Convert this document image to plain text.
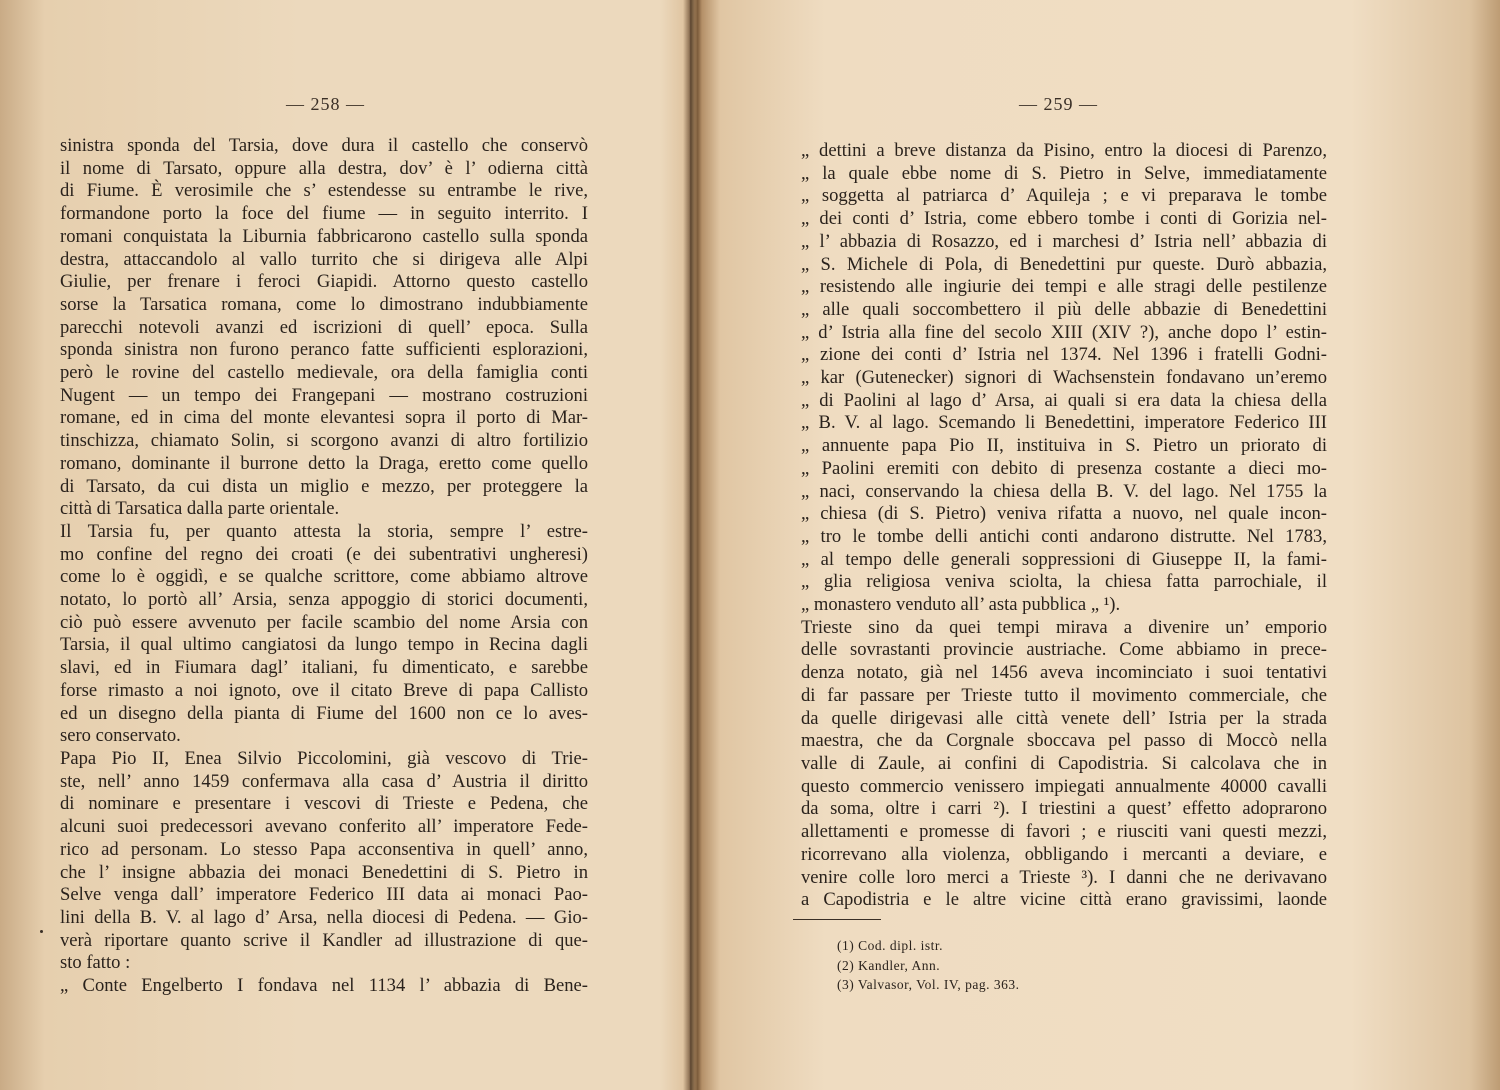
— 258 —
sinistra sponda del Tarsia, dove dura il castello che conservò
il nome di Tarsato, oppure alla destra, dov’ è l’ odierna città
di Fiume. È verosimile che s’ estendesse su entrambe le rive,
formandone porto la foce del fiume — in seguito interrito. I
romani conquistata la Liburnia fabbricarono castello sulla sponda
destra, attaccandolo al vallo turrito che si dirigeva alle Alpi
Giulie, per frenare i feroci Giapidi. Attorno questo castello
sorse la Tarsatica romana, come lo dimostrano indubbiamente
parecchi notevoli avanzi ed iscrizioni di quell’ epoca. Sulla
sponda sinistra non furono peranco fatte sufficienti esplorazioni,
però le rovine del castello medievale, ora della famiglia conti
Nugent — un tempo dei Frangepani — mostrano costruzioni
romane, ed in cima del monte elevantesi sopra il porto di Mar-
tinschizza, chiamato Solin, si scorgono avanzi di altro fortilizio
romano, dominante il burrone detto la Draga, eretto come quello
di Tarsato, da cui dista un miglio e mezzo, per proteggere la
città di Tarsatica dalla parte orientale.
Il Tarsia fu, per quanto attesta la storia, sempre l’ estre-
mo confine del regno dei croati (e dei subentrativi ungheresi)
come lo è oggidì, e se qualche scrittore, come abbiamo altrove
notato, lo portò all’ Arsia, senza appoggio di storici documenti,
ciò può essere avvenuto per facile scambio del nome Arsia con
Tarsia, il qual ultimo cangiatosi da lungo tempo in Recina dagli
slavi, ed in Fiumara dagl’ italiani, fu dimenticato, e sarebbe
forse rimasto a noi ignoto, ove il citato Breve di papa Callisto
ed un disegno della pianta di Fiume del 1600 non ce lo aves-
sero conservato.
Papa Pio II, Enea Silvio Piccolomini, già vescovo di Trie-
ste, nell’ anno 1459 confermava alla casa d’ Austria il diritto
di nominare e presentare i vescovi di Trieste e Pedena, che
alcuni suoi predecessori avevano conferito all’ imperatore Fede-
rico ad personam. Lo stesso Papa acconsentiva in quell’ anno,
che l’ insigne abbazia dei monaci Benedettini di S. Pietro in
Selve venga dall’ imperatore Federico III data ai monaci Pao-
lini della B. V. al lago d’ Arsa, nella diocesi di Pedena. — Gio-
verà riportare quanto scrive il Kandler ad illustrazione di que-
sto fatto :
„ Conte Engelberto I fondava nel 1134 l’ abbazia di Bene-
— 259 —
„ dettini a breve distanza da Pisino, entro la diocesi di Parenzo,
„ la quale ebbe nome di S. Pietro in Selve, immediatamente
„ soggetta al patriarca d’ Aquileja ; e vi preparava le tombe
„ dei conti d’ Istria, come ebbero tombe i conti di Gorizia nel-
„ l’ abbazia di Rosazzo, ed i marchesi d’ Istria nell’ abbazia di
„ S. Michele di Pola, di Benedettini pur queste. Durò abbazia,
„ resistendo alle ingiurie dei tempi e alle stragi delle pestilenze
„ alle quali soccombettero il più delle abbazie di Benedettini
„ d’ Istria alla fine del secolo XIII (XIV ?), anche dopo l’ estin-
„ zione dei conti d’ Istria nel 1374. Nel 1396 i fratelli Godni-
„ kar (Gutenecker) signori di Wachsenstein fondavano un’eremo
„ di Paolini al lago d’ Arsa, ai quali si era data la chiesa della
„ B. V. al lago. Scemando li Benedettini, imperatore Federico III
„ annuente papa Pio II, instituiva in S. Pietro un priorato di
„ Paolini eremiti con debito di presenza costante a dieci mo-
„ naci, conservando la chiesa della B. V. del lago. Nel 1755 la
„ chiesa (di S. Pietro) veniva rifatta a nuovo, nel quale incon-
„ tro le tombe delli antichi conti andarono distrutte. Nel 1783,
„ al tempo delle generali soppressioni di Giuseppe II, la fami-
„ glia religiosa veniva sciolta, la chiesa fatta parrochiale, il
„ monastero venduto all’ asta pubblica „ ¹).
Trieste sino da quei tempi mirava a divenire un’ emporio
delle sovrastanti provincie austriache. Come abbiamo in prece-
denza notato, già nel 1456 aveva incominciato i suoi tentativi
di far passare per Trieste tutto il movimento commerciale, che
da quelle dirigevasi alle città venete dell’ Istria per la strada
maestra, che da Corgnale sboccava pel passo di Moccò nella
valle di Zaule, ai confini di Capodistria. Si calcolava che in
questo commercio venissero impiegati annualmente 40000 cavalli
da soma, oltre i carri ²). I triestini a quest’ effetto adoprarono
allettamenti e promesse di favori ; e riusciti vani questi mezzi,
ricorrevano alla violenza, obbligando i mercanti a deviare, e
venire colle loro merci a Trieste ³). I danni che ne derivavano
a Capodistria e le altre vicine città erano gravissimi, laonde
(1) Cod. dipl. istr.
(2) Kandler, Ann.
(3) Valvasor, Vol. IV, pag. 363.
